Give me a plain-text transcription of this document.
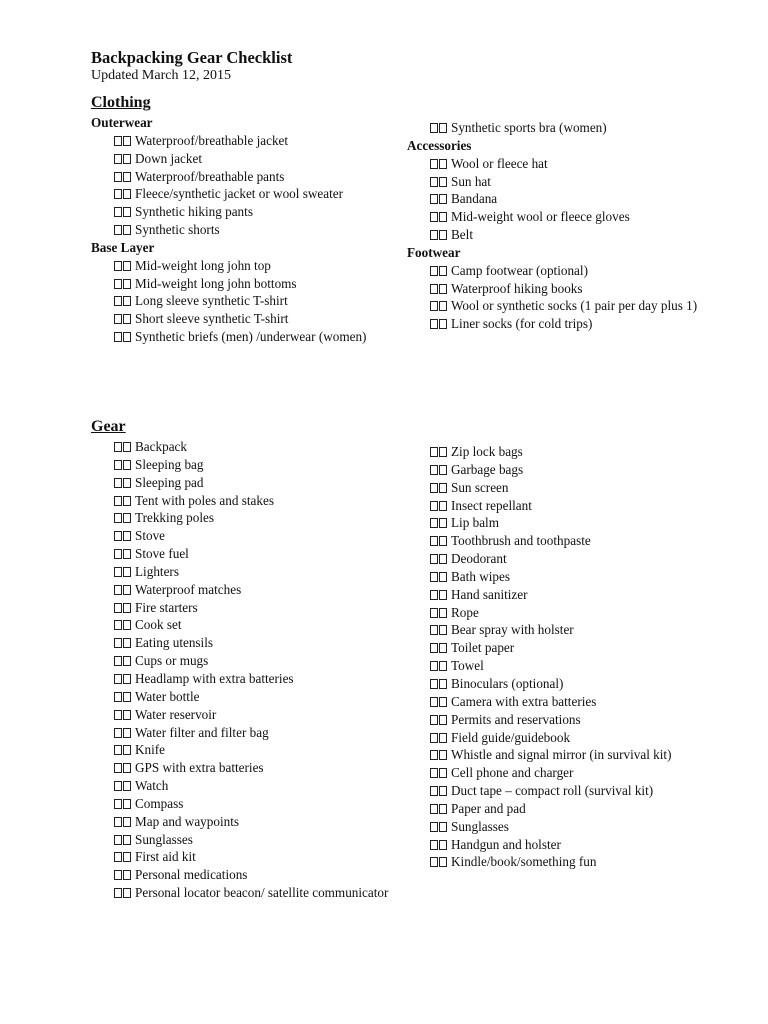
Backpacking Gear Checklist
Updated March 12, 2015
Clothing

Outerwear

Waterproof/breathable jacket
Down jacket
Waterproof/breathable pants
Fleece/synthetic jacket or wool sweater
Synthetic hiking pants
Synthetic shorts

Base Layer

Mid-weight long john top
Mid-weight long john bottoms
Long sleeve synthetic T-shirt
Short sleeve synthetic T-shirt
Synthetic briefs (men) /underwear (women)
Synthetic sports bra (women)

Accessories

Wool or fleece hat
Sun hat
Bandana
Mid-weight wool or fleece gloves
Belt

Footwear

Camp footwear (optional)
Waterproof hiking books
Wool or synthetic socks (1 pair per day plus 1)
Liner socks (for cold trips)
Gear
Backpack
Sleeping bag
Sleeping pad
Tent with poles and stakes
Trekking poles
Stove
Stove fuel
Lighters
Waterproof matches
Fire starters
Cook set
Eating utensils
Cups or mugs
Headlamp with extra batteries
Water bottle
Water reservoir
Water filter and filter bag
Knife
GPS with extra batteries
Watch
Compass
Map and waypoints
Sunglasses
First aid kit
Personal medications
Personal locator beacon/ satellite communicator
Zip lock bags
Garbage bags
Sun screen
Insect repellant
Lip balm
Toothbrush and toothpaste
Deodorant
Bath wipes
Hand sanitizer
Rope
Bear spray with holster
Toilet paper
Towel
Binoculars (optional)
Camera with extra batteries
Permits and reservations
Field guide/guidebook
Whistle and signal mirror (in survival kit)
Cell phone and charger
Duct tape – compact roll (survival kit)
Paper and pad
Sunglasses
Handgun and holster
Kindle/book/something fun
